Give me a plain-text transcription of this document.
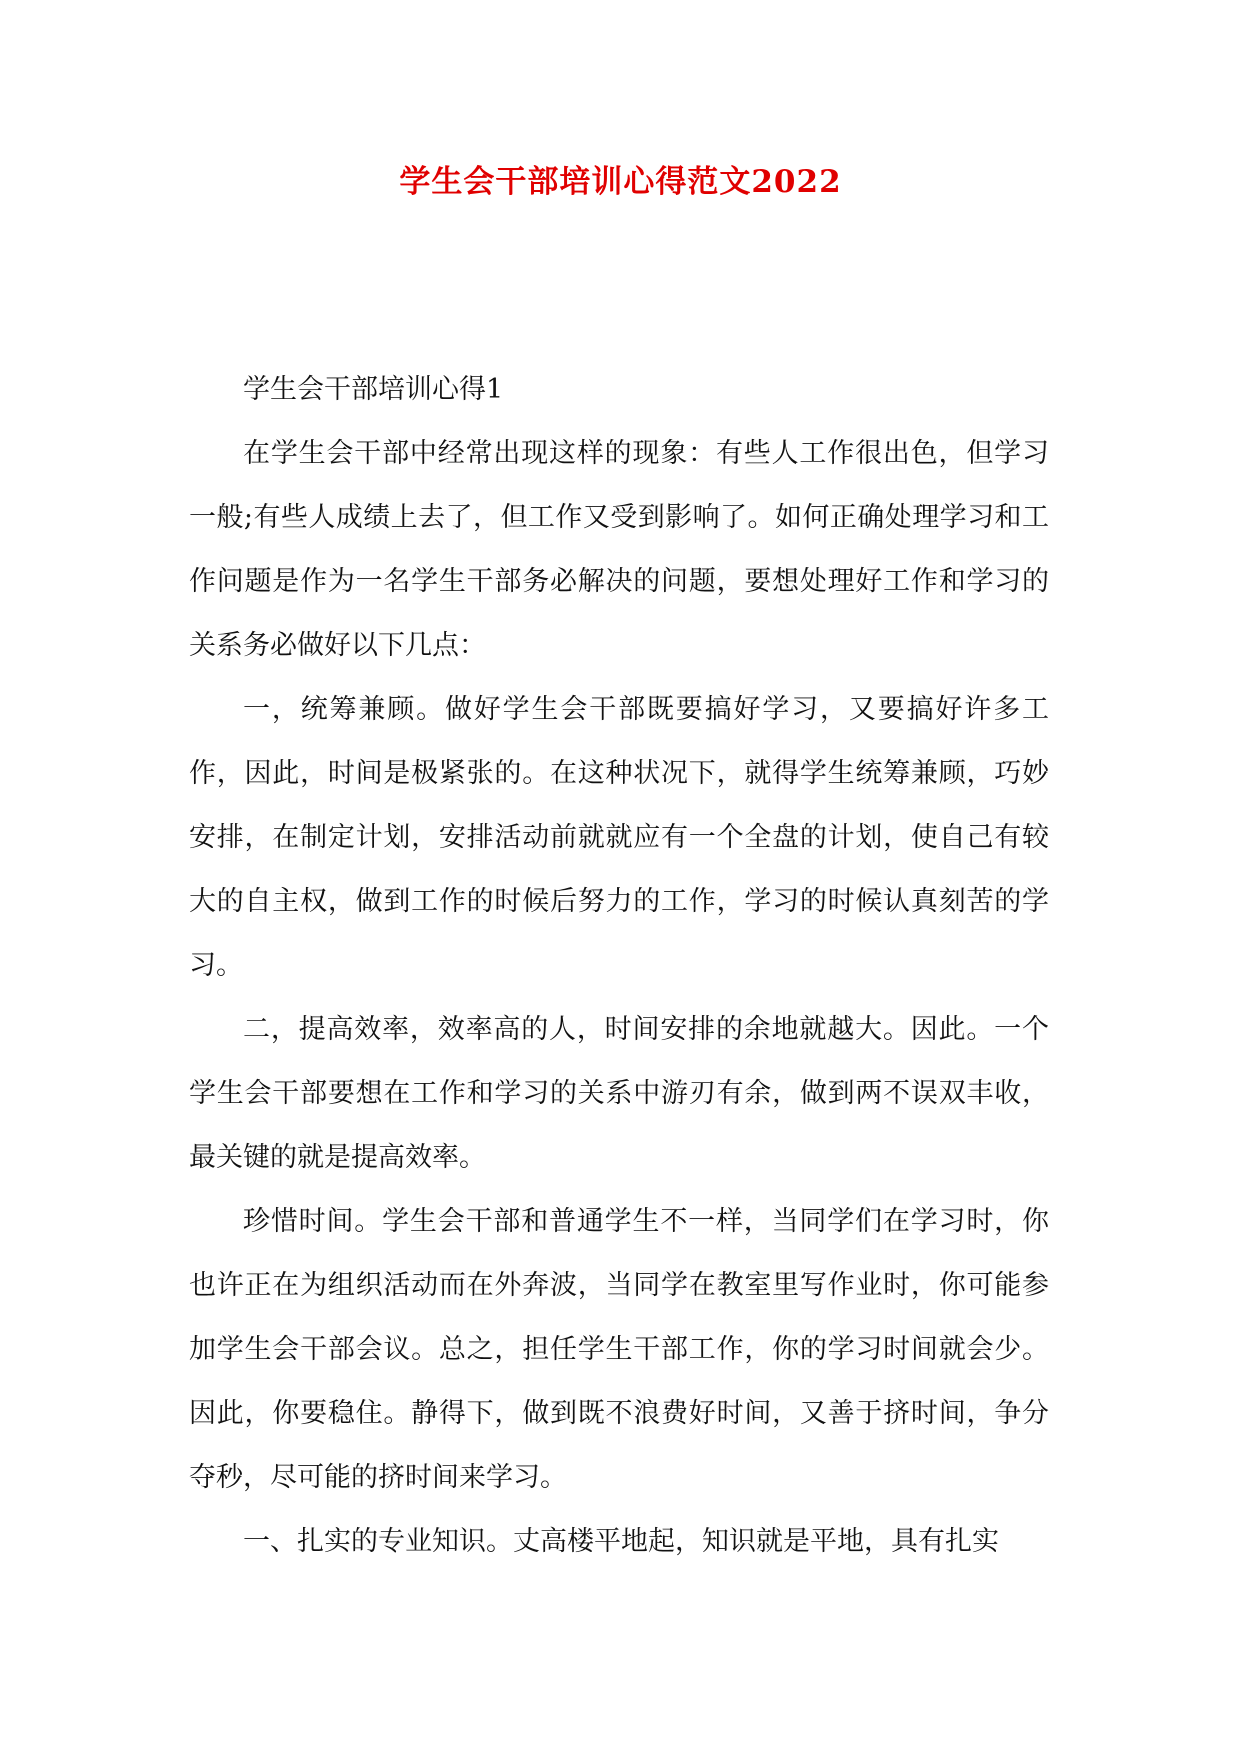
学生会干部培训心得范文2022

学生会干部培训心得1

在学生会干部中经常出现这样的现象：有些人工作很出色，但学习一般;有些人成绩上去了，但工作又受到影响了。如何正确处理学习和工作问题是作为一名学生干部务必解决的问题，要想处理好工作和学习的关系务必做好以下几点：

一，统筹兼顾。做好学生会干部既要搞好学习，又要搞好许多工作，因此，时间是极紧张的。在这种状况下，就得学生统筹兼顾，巧妙安排，在制定计划，安排活动前就就应有一个全盘的计划，使自己有较大的自主权，做到工作的时候后努力的工作，学习的时候认真刻苦的学习。

二，提高效率，效率高的人，时间安排的余地就越大。因此。一个学生会干部要想在工作和学习的关系中游刃有余，做到两不误双丰收，最关键的就是提高效率。

珍惜时间。学生会干部和普通学生不一样，当同学们在学习时，你也许正在为组织活动而在外奔波，当同学在教室里写作业时，你可能参加学生会干部会议。总之，担任学生干部工作，你的学习时间就会少。因此，你要稳住。静得下，做到既不浪费好时间，又善于挤时间，争分夺秒，尽可能的挤时间来学习。

一、扎实的专业知识。丈高楼平地起，知识就是平地，具有扎实
